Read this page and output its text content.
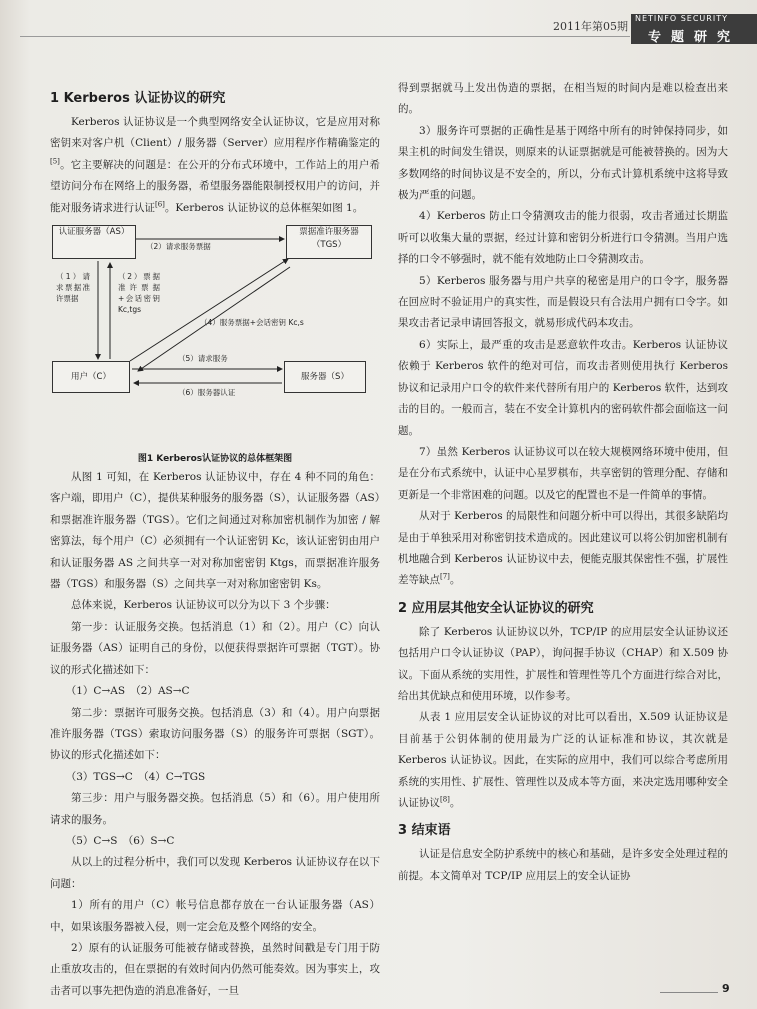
2011年第05期
NETINFO SECURITY
专题研究
1 Kerberos 认证协议的研究

Kerberos 认证协议是一个典型网络安全认证协议，它是应用对称密钥来对客户机（Client）/ 服务器（Server）应用程序作精确鉴定的[5]。它主要解决的问题是：在公开的分布式环境中，工作站上的用户希望访问分布在网络上的服务器，希望服务器能限制授权用户的访问，并能对服务请求进行认证[6]。Kerberos 认证协议的总体框架如图 1。

认证服务器（AS）	票据准许服务器（TGS）
用户（C）	服务器（S）
（2）请求服务票据
（1）请求票据准许票据
（2）票据准许票据+会话密钥 Kc,tgs
（4）服务票据+会话密钥 Kc,s
（5）请求服务
（6）服务器认证
图1 Kerberos认证协议的总体框架图

从图 1 可知，在 Kerberos 认证协议中，存在 4 种不同的角色：客户端，即用户（C），提供某种服务的服务器（S），认证服务器（AS）和票据准许服务器（TGS）。它们之间通过对称加密机制作为加密 / 解密算法，每个用户（C）必须拥有一个认证密钥 Kc，该认证密钥由用户和认证服务器 AS 之间共享一对对称加密密钥 Ktgs，而票据准许服务器（TGS）和服务器（S）之间共享一对对称加密密钥 Ks。

总体来说，Kerberos 认证协议可以分为以下 3 个步骤：

第一步：认证服务交换。包括消息（1）和（2）。用户（C）向认证服务器（AS）证明自己的身份，以便获得票据许可票据（TGT）。协议的形式化描述如下：

（1）C→AS　（2）AS→C

第二步：票据许可服务交换。包括消息（3）和（4）。用户向票据准许服务器（TGS）索取访问服务器（S）的服务许可票据（SGT）。协议的形式化描述如下：

（3）TGS→C　（4）C→TGS

第三步：用户与服务器交换。包括消息（5）和（6）。用户使用所请求的服务。

（5）C→S　（6）S→C

从以上的过程分析中，我们可以发现 Kerberos 认证协议存在以下问题：

1）所有的用户（C）帐号信息都存放在一台认证服务器（AS）中，如果该服务器被入侵，则一定会危及整个网络的安全。

2）原有的认证服务可能被存储或替换，虽然时间戳是专门用于防止重放攻击的，但在票据的有效时间内仍然可能奏效。因为事实上，攻击者可以事先把伪造的消息准备好，一旦

得到票据就马上发出伪造的票据，在相当短的时间内是难以检查出来的。

3）服务许可票据的正确性是基于网络中所有的时钟保持同步，如果主机的时间发生错误，则原来的认证票据就是可能被替换的。因为大多数网络的时间协议是不安全的，所以，分布式计算机系统中这将导致极为严重的问题。

4）Kerberos 防止口令猜测攻击的能力很弱，攻击者通过长期监听可以收集大量的票据，经过计算和密钥分析进行口令猜测。当用户选择的口令不够强时，就不能有效地防止口令猜测攻击。

5）Kerberos 服务器与用户共享的秘密是用户的口令字，服务器在回应时不验证用户的真实性，而是假设只有合法用户拥有口令字。如果攻击者记录申请回答报文，就易形成代码本攻击。

6）实际上，最严重的攻击是恶意软件攻击。Kerberos 认证协议依赖于 Kerberos 软件的绝对可信，而攻击者则使用执行 Kerberos 协议和记录用户口令的软件来代替所有用户的 Kerberos 软件，达到攻击的目的。一般而言，装在不安全计算机内的密码软件都会面临这一问题。

7）虽然 Kerberos 认证协议可以在较大规模网络环境中使用，但是在分布式系统中，认证中心星罗棋布，共享密钥的管理分配、存储和更新是一个非常困难的问题。以及它的配置也不是一件简单的事情。

从对于 Kerberos 的局限性和问题分析中可以得出，其很多缺陷均是由于单独采用对称密钥技术造成的。因此建议可以将公钥加密机制有机地融合到 Kerberos 认证协议中去，便能克服其保密性不强，扩展性差等缺点[7]。

2 应用层其他安全认证协议的研究

除了 Kerberos 认证协议以外，TCP/IP 的应用层安全认证协议还包括用户口令认证协议（PAP），询问握手协议（CHAP）和 X.509 协议。下面从系统的实用性，扩展性和管理性等几个方面进行综合对比，给出其优缺点和使用环境，以作参考。

从表 1 应用层安全认证协议的对比可以看出，X.509 认证协议是目前基于公钥体制的使用最为广泛的认证标准和协议，其次就是 Kerberos 认证协议。因此，在实际的应用中，我们可以综合考虑所用系统的实用性、扩展性、管理性以及成本等方面，来决定选用哪种安全认证协议[8]。

3 结束语

认证是信息安全防护系统中的核心和基础，是许多安全处理过程的前提。本文简单对 TCP/IP 应用层上的安全认证协

9
